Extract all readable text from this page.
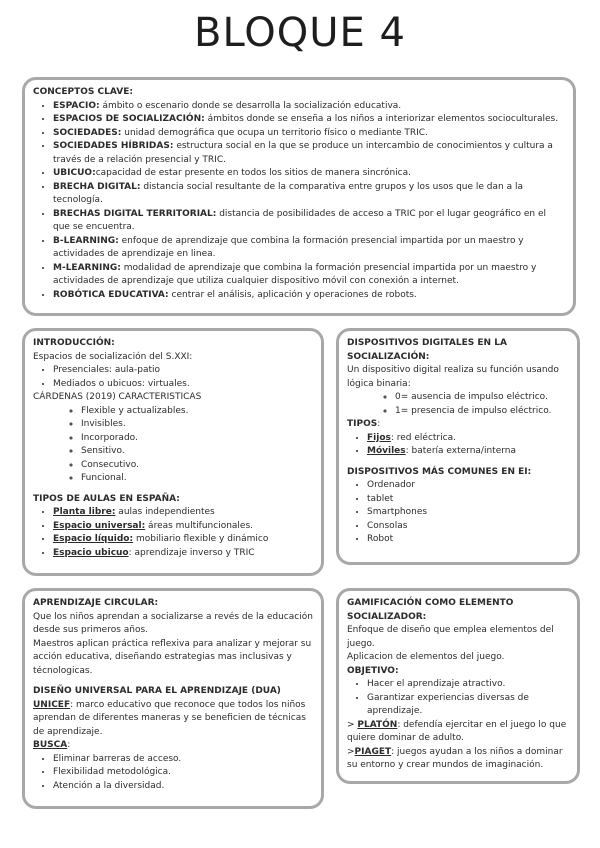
BLOQUE 4
CONCEPTOS CLAVE:
• ESPACIO: ámbito o escenario donde se desarrolla la socialización educativa.
• ESPACIOS DE SOCIALIZACIÓN: ámbitos donde se enseña a los niños a interiorizar elementos socioculturales.
• SOCIEDADES: unidad demográfica que ocupa un territorio físico o mediante TRIC.
• SOCIEDADES HÍBRIDAS: estructura social en la que se produce un intercambio de conocimientos y cultura a través de a relación presencial y TRIC.
• UBICUO:capacidad de estar presente en todos los sitios de manera sincrónica.
• BRECHA DIGITAL: distancia social resultante de la comparativa entre grupos y los usos que le dan a la tecnología.
• BRECHAS DIGITAL TERRITORIAL: distancia de posibilidades de acceso a TRIC por el lugar geográfico en el que se encuentra.
• B-LEARNING: enfoque de aprendizaje que combina la formación presencial impartida por un maestro y actividades de aprendizaje en linea.
• M-LEARNING: modalidad de aprendizaje que combina la formación presencial impartida por un maestro y actividades de aprendizaje que utiliza cualquier dispositivo móvil con conexión a internet.
• ROBÓTICA EDUCATIVA: centrar el análisis, aplicación y operaciones de robots.
INTRODUCCIÓN:
Espacios de socialización del S.XXI:
• Presenciales: aula-patio
• Mediados o ubicuos: virtuales.
CÁRDENAS (2019) CARACTERISTICAS
◦ Flexible y actualizables.
◦ Invisibles.
◦ Incorporado.
◦ Sensitivo.
◦ Consecutivo.
◦ Funcional.
TIPOS DE AULAS EN ESPAÑA:
• Planta libre: aulas independientes
• Espacio universal: áreas multifuncionales.
• Espacio líquido: mobiliario flexible y dinámico
• Espacio ubicuo: aprendizaje inverso y TRIC
DISPOSITIVOS DIGITALES EN LA SOCIALIZACIÓN:
Un dispositivo digital realiza su función usando lógica binaria:
◦ 0= ausencia de impulso eléctrico.
◦ 1= presencia de impulso eléctrico.
TIPOS:
• Fijos: red eléctrica.
• Móviles: batería externa/interna
DISPOSITIVOS MÁS COMUNES EN EI:
• Ordenador
• tablet
• Smartphones
• Consolas
• Robot
APRENDIZAJE CIRCULAR:
Que los niños aprendan a socializarse a revés de la educación desde sus primeros años.
Maestros aplican práctica reflexiva para analizar y mejorar su acción educativa, diseñando estrategias mas inclusivas y técnologicas.
DISEÑO UNIVERSAL PARA EL APRENDIZAJE (DUA)
UNICEF: marco educativo que reconoce que todos los niños aprendan de diferentes maneras y se beneficien de técnicas de aprendizaje.
BUSCA:
• Eliminar barreras de acceso.
• Flexibilidad metodológica.
• Atención a la diversidad.
GAMIFICACIÓN COMO ELEMENTO SOCIALIZADOR:
Enfoque de diseño que emplea elementos del juego.
Aplicacion de elementos del juego.
OBJETIVO:
• Hacer el aprendizaje atractivo.
• Garantizar experiencias diversas de aprendizaje.
> PLATÓN: defendía ejercitar en el juego lo que quiere dominar de adulto.
>PIAGET: juegos ayudan a los niños a dominar su entorno y crear mundos de imaginación.
